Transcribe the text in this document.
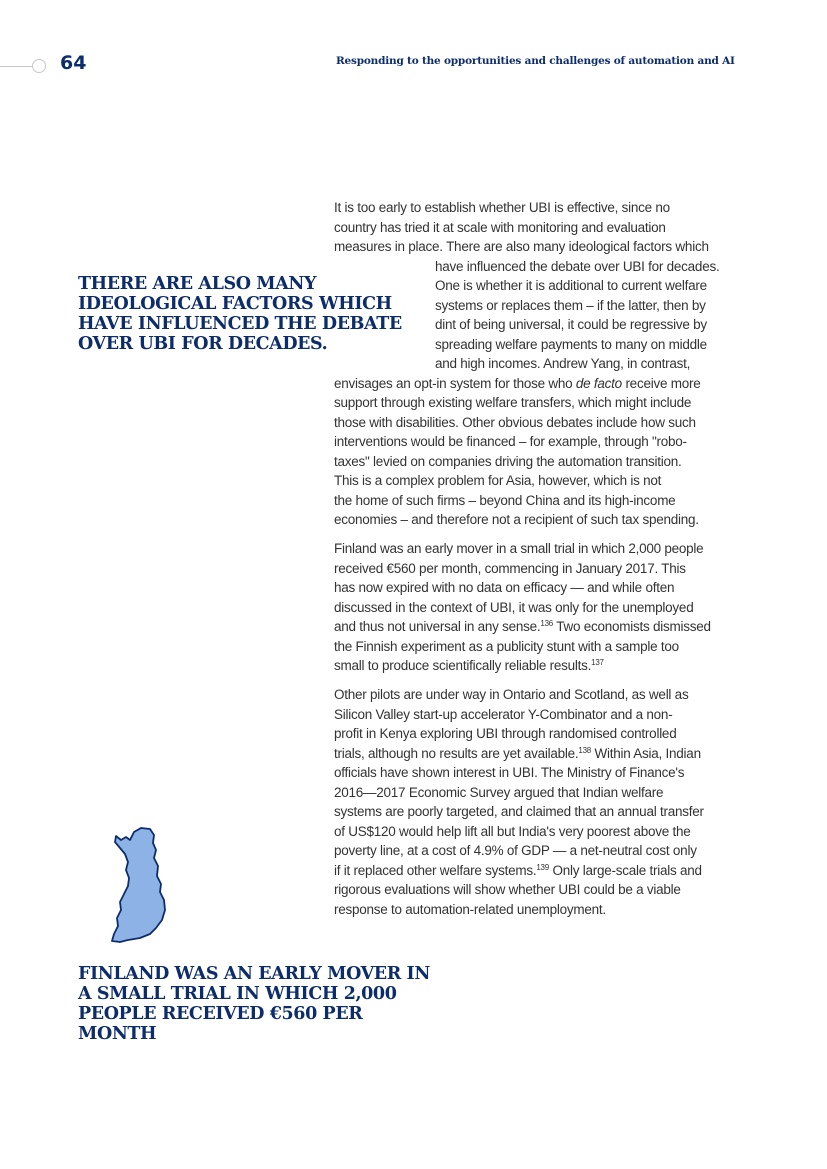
64	Responding to the opportunities and challenges of automation and AI
THERE ARE ALSO MANY IDEOLOGICAL FACTORS WHICH HAVE INFLUENCED THE DEBATE OVER UBI FOR DECADES.
FINLAND WAS AN EARLY MOVER IN A SMALL TRIAL IN WHICH 2,000 PEOPLE RECEIVED €560 PER MONTH
It is too early to establish whether UBI is effective, since no
country has tried it at scale with monitoring and evaluation
measures in place. There are also many ideological factors which
have influenced the debate over UBI for decades.
One is whether it is additional to current welfare
systems or replaces them – if the latter, then by
dint of being universal, it could be regressive by
spreading welfare payments to many on middle
and high incomes. Andrew Yang, in contrast,
envisages an opt-in system for those who de facto receive more
support through existing welfare transfers, which might include
those with disabilities. Other obvious debates include how such
interventions would be financed – for example, through "robo-
taxes" levied on companies driving the automation transition.
This is a complex problem for Asia, however, which is not
the home of such firms – beyond China and its high-income
economies – and therefore not a recipient of such tax spending.
Finland was an early mover in a small trial in which 2,000 people
received €560 per month, commencing in January 2017. This
has now expired with no data on efficacy — and while often
discussed in the context of UBI, it was only for the unemployed
and thus not universal in any sense.$^{136}$ Two economists dismissed
the Finnish experiment as a publicity stunt with a sample too
small to produce scientifically reliable results.$^{137}$
Other pilots are under way in Ontario and Scotland, as well as
Silicon Valley start-up accelerator Y-Combinator and a non-
profit in Kenya exploring UBI through randomised controlled
trials, although no results are yet available.$^{138}$ Within Asia, Indian
officials have shown interest in UBI. The Ministry of Finance's
2016—2017 Economic Survey argued that Indian welfare
systems are poorly targeted, and claimed that an annual transfer
of US$120 would help lift all but India's very poorest above the
poverty line, at a cost of 4.9% of GDP — a net-neutral cost only
if it replaced other welfare systems.$^{139}$ Only large-scale trials and
rigorous evaluations will show whether UBI could be a viable
response to automation-related unemployment.
